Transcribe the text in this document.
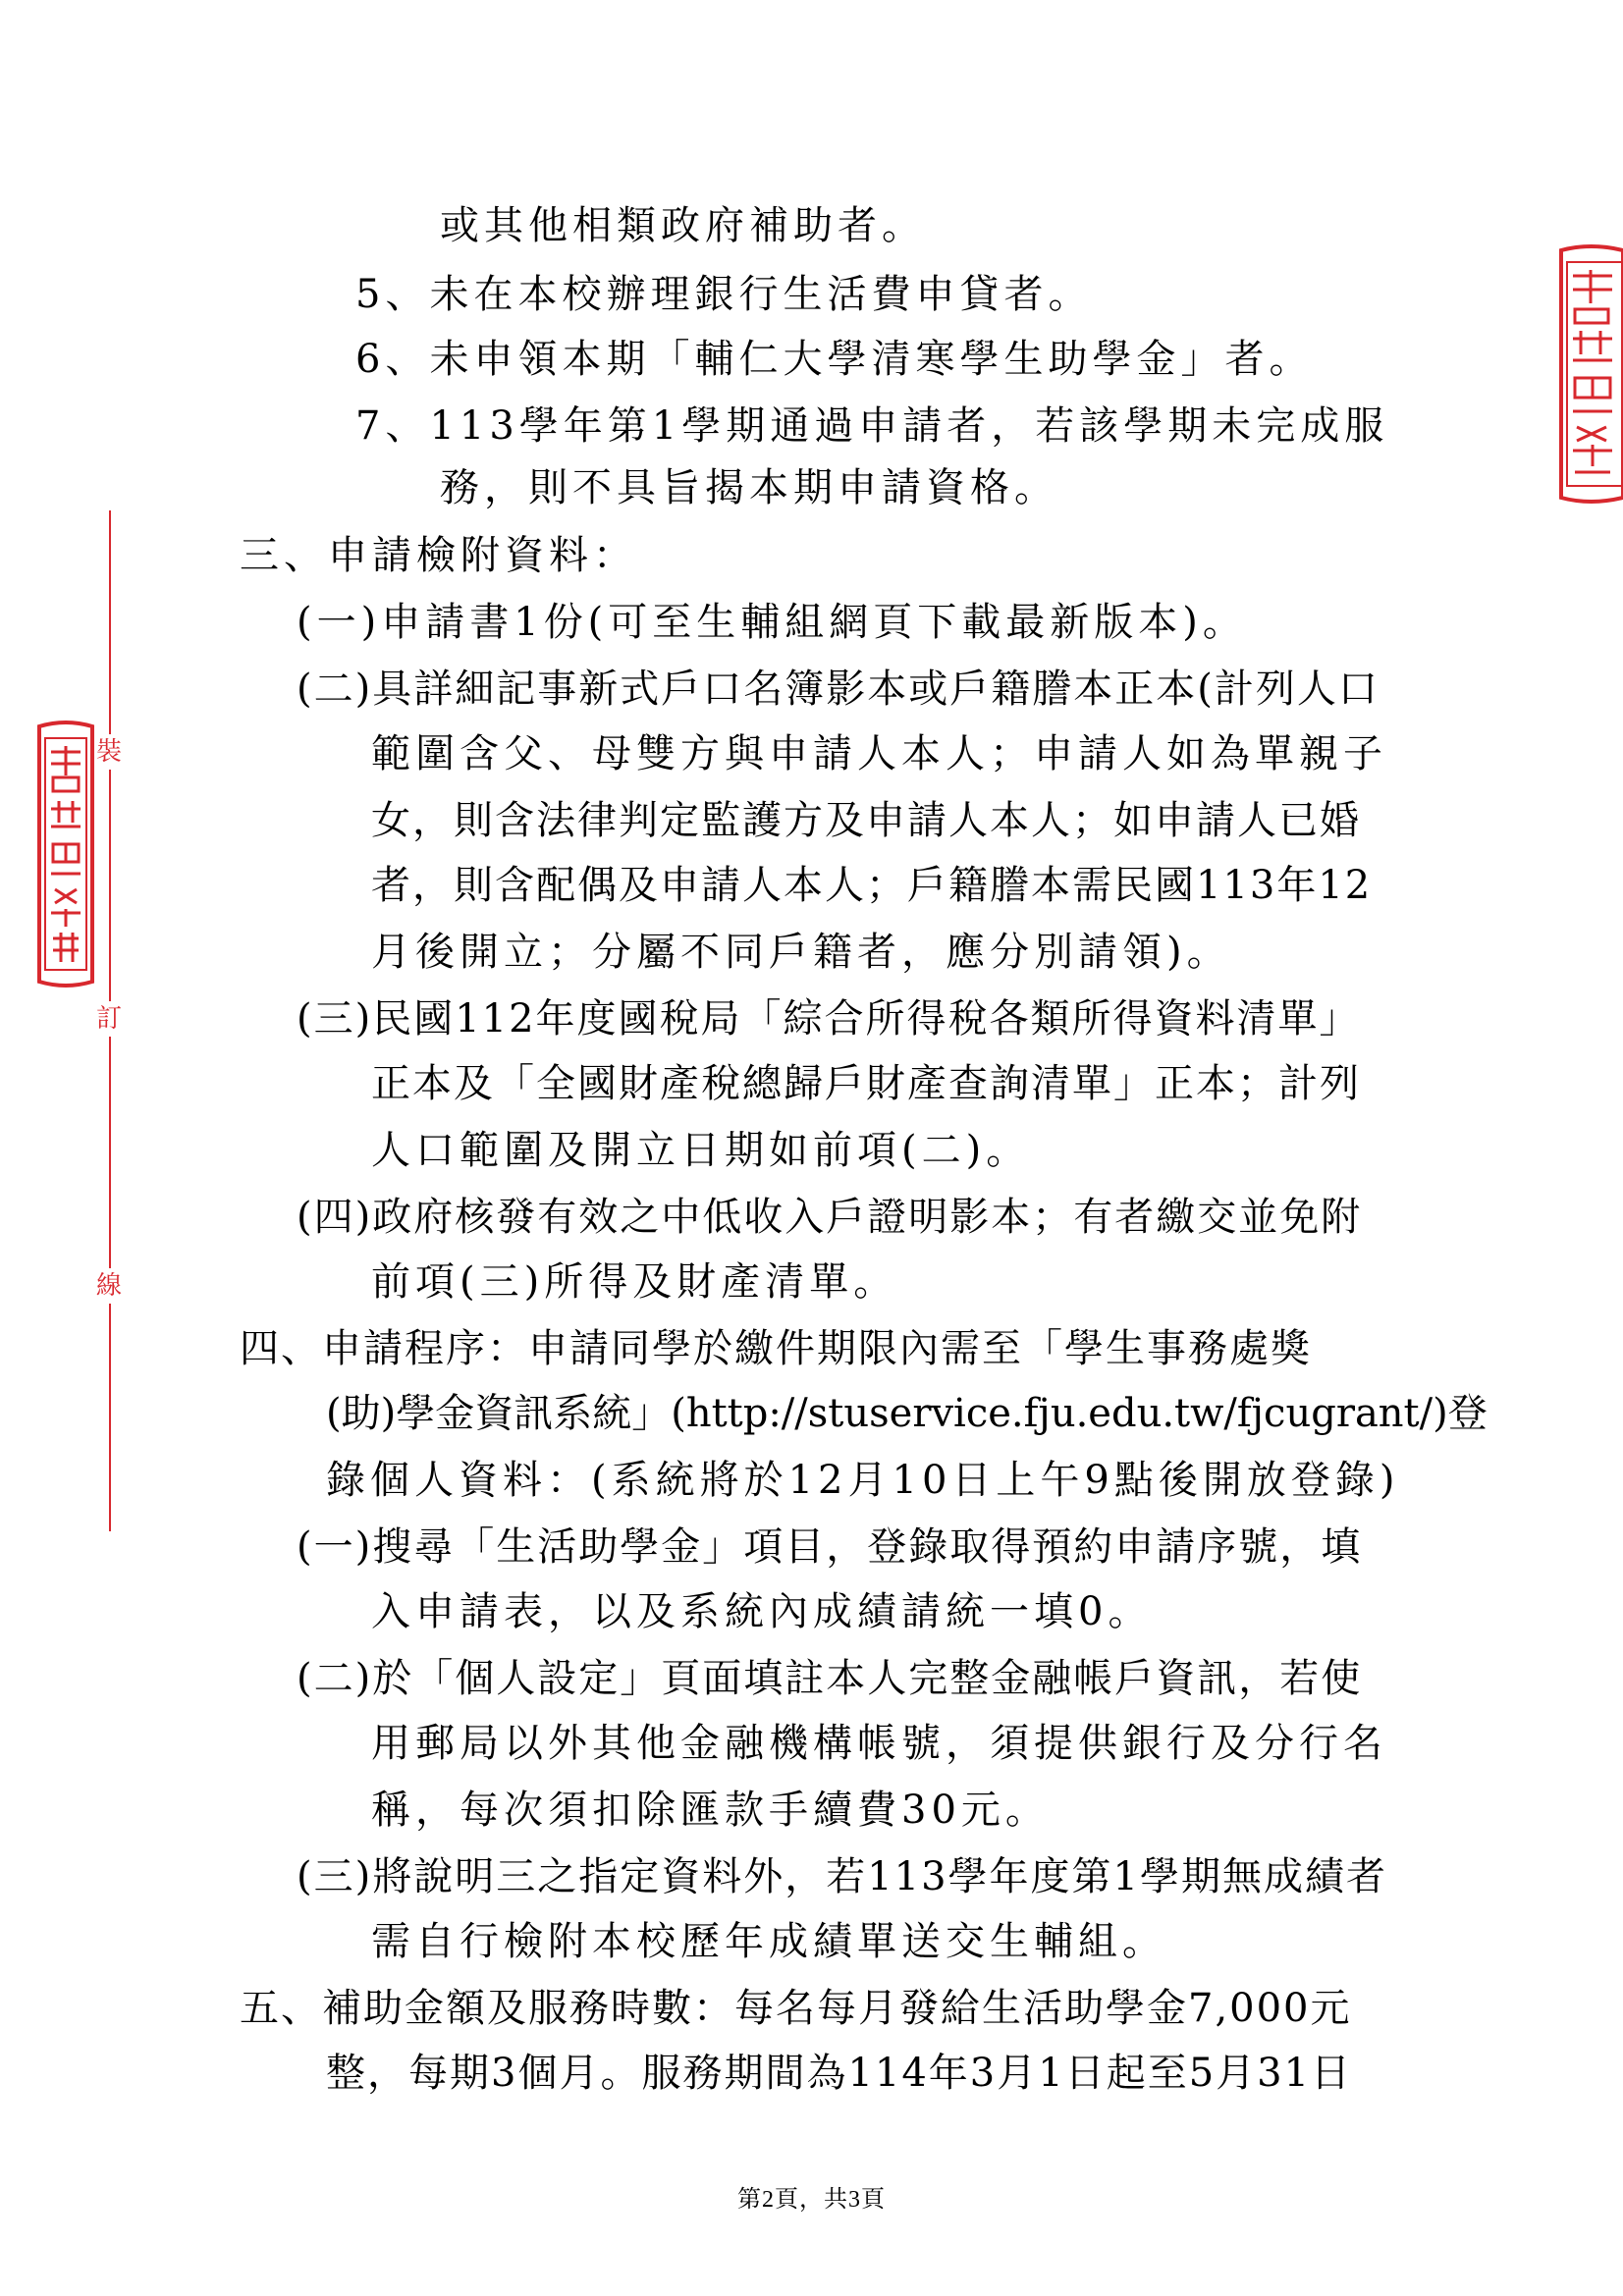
裝
訂
線
或其他相類政府補助者。
5、未在本校辦理銀行生活費申貸者。
6、未申領本期「輔仁大學清寒學生助學金」者。
7、113學年第1學期通過申請者，若該學期未完成服
務，則不具旨揭本期申請資格。
三、申請檢附資料：
(一)申請書1份(可至生輔組網頁下載最新版本)。
(二)具詳細記事新式戶口名簿影本或戶籍謄本正本(計列人口
範圍含父、母雙方與申請人本人；申請人如為單親子
女，則含法律判定監護方及申請人本人；如申請人已婚
者，則含配偶及申請人本人；戶籍謄本需民國113年12
月後開立；分屬不同戶籍者，應分別請領)。
(三)民國112年度國稅局「綜合所得稅各類所得資料清單」
正本及「全國財產稅總歸戶財產查詢清單」正本；計列
人口範圍及開立日期如前項(二)。
(四)政府核發有效之中低收入戶證明影本；有者繳交並免附
前項(三)所得及財產清單。
四、申請程序：申請同學於繳件期限內需至「學生事務處獎
(助)學金資訊系統」(http://stuservice.fju.edu.tw/fjcugrant/)登
錄個人資料：(系統將於12月10日上午9點後開放登錄)
(一)搜尋「生活助學金」項目，登錄取得預約申請序號，填
入申請表，以及系統內成績請統一填0。
(二)於「個人設定」頁面填註本人完整金融帳戶資訊，若使
用郵局以外其他金融機構帳號，須提供銀行及分行名
稱，每次須扣除匯款手續費30元。
(三)將說明三之指定資料外，若113學年度第1學期無成績者
需自行檢附本校歷年成績單送交生輔組。
五、補助金額及服務時數：每名每月發給生活助學金7,000元
整，每期3個月。服務期間為114年3月1日起至5月31日
第2頁，共3頁
